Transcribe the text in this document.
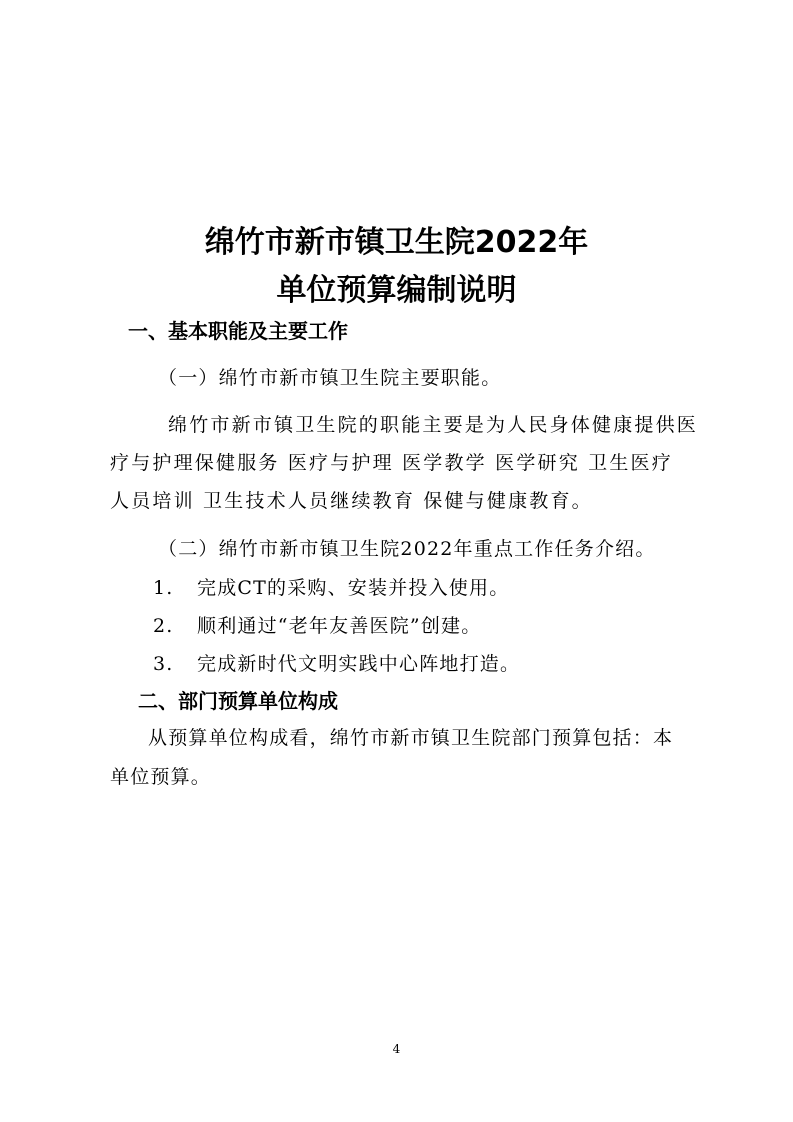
绵竹市新市镇卫生院2022年
单位预算编制说明
一、基本职能及主要工作

（一）绵竹市新市镇卫生院主要职能。

绵竹市新市镇卫生院的职能主要是为人民身体健康提供医

疗与护理保健服务 医疗与护理 医学教学 医学研究 卫生医疗

人员培训 卫生技术人员继续教育 保健与健康教育。

（二）绵竹市新市镇卫生院2022年重点工作任务介绍。

1. 完成CT的采购、安装并投入使用。

2. 顺利通过“老年友善医院”创建。

3. 完成新时代文明实践中心阵地打造。

二、部门预算单位构成

从预算单位构成看，绵竹市新市镇卫生院部门预算包括：本

单位预算。

4
